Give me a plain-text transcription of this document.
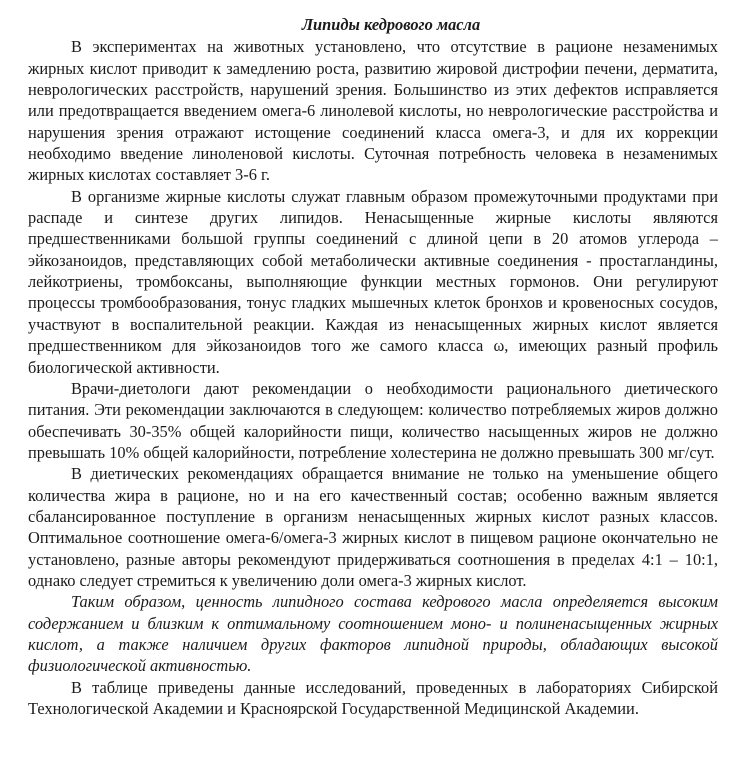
Липиды кедрового масла

В экспериментах на животных установлено, что отсутствие в рационе незаменимых жирных кислот приводит к замедлению роста, развитию жировой дистрофии печени, дерматита, неврологических расстройств, нарушений зрения. Большинство из этих дефектов исправляется или предотвращается введением омега-6 линолевой кислоты, но неврологические расстройства и нарушения зрения отражают истощение соединений класса омега-3, и для их коррекции необходимо введение линоленовой кислоты. Суточная потребность человека в незаменимых жирных кислотах составляет 3-6 г.

В организме жирные кислоты служат главным образом промежуточными продуктами при распаде и синтезе других липидов. Ненасыщенные жирные кислоты являются предшественниками большой группы соединений с длиной цепи в 20 атомов углерода – эйкозаноидов, представляющих собой метаболически активные соединения - простагландины, лейкотриены, тромбоксаны, выполняющие функции местных гормонов. Они регулируют процессы тромбообразования, тонус гладких мышечных клеток бронхов и кровеносных сосудов, участвуют в воспалительной реакции. Каждая из ненасыщенных жирных кислот является предшественником для эйкозаноидов того же самого класса ω, имеющих разный профиль биологической активности.

Врачи-диетологи дают рекомендации о необходимости рационального диетического питания. Эти рекомендации заключаются в следующем: количество потребляемых жиров должно обеспечивать 30-35% общей калорийности пищи, количество насыщенных жиров не должно превышать 10% общей калорийности, потребление холестерина не должно превышать 300 мг/сут.

В диетических рекомендациях обращается внимание не только на уменьшение общего количества жира в рационе, но и на его качественный состав; особенно важным является сбалансированное поступление в организм ненасыщенных жирных кислот разных классов. Оптимальное соотношение омега-6/омега-3 жирных кислот в пищевом рационе окончательно не установлено, разные авторы рекомендуют придерживаться соотношения в пределах 4:1 – 10:1, однако следует стремиться к увеличению доли омега-3 жирных кислот.

Таким образом, ценность липидного состава кедрового масла определяется высоким содержанием и близким к оптимальному соотношением моно- и полиненасыщенных жирных кислот, а также наличием других факторов липидной природы, обладающих высокой физиологической активностью.

В таблице приведены данные исследований, проведенных в лабораториях Сибирской Технологической Академии и Красноярской Государственной Медицинской Академии.
